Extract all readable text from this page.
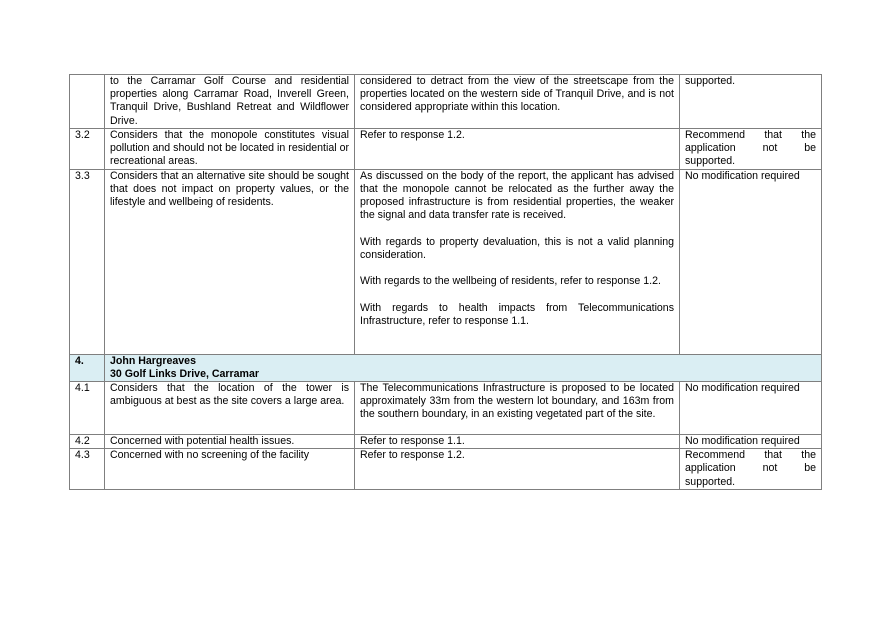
	to the Carramar Golf Course and residential properties along Carramar Road, Inverell Green, Tranquil Drive, Bushland Retreat and Wildflower Drive.	considered to detract from the view of the streetscape from the properties located on the western side of Tranquil Drive, and is not considered appropriate within this location.	supported.
3.2	Considers that the monopole constitutes visual pollution and should not be located in residential or recreational areas.	Refer to response 1.2.	Recommend that the application not be supported.
3.3	Considers that an alternative site should be sought that does not impact on property values, or the lifestyle and wellbeing of residents.	As discussed on the body of the report, the applicant has advised that the monopole cannot be relocated as the further away the proposed infrastructure is from residential properties, the weaker the signal and data transfer rate is received.

With regards to property devaluation, this is not a valid planning consideration.

With regards to the wellbeing of residents, refer to response 1.2.

With regards to health impacts from Telecommunications Infrastructure, refer to response 1.1.	No modification required
4.	John Hargreaves
30 Golf Links Drive, Carramar		

4.1	Considers that the location of the tower is ambiguous at best as the site covers a large area.	The Telecommunications Infrastructure is proposed to be located approximately 33m from the western lot boundary, and 163m from the southern boundary, in an existing vegetated part of the site.	No modification required
4.2	Concerned with potential health issues.	Refer to response 1.1.	No modification required
4.3	Concerned with no screening of the facility	Refer to response 1.2.	Recommend that the application not be supported.
